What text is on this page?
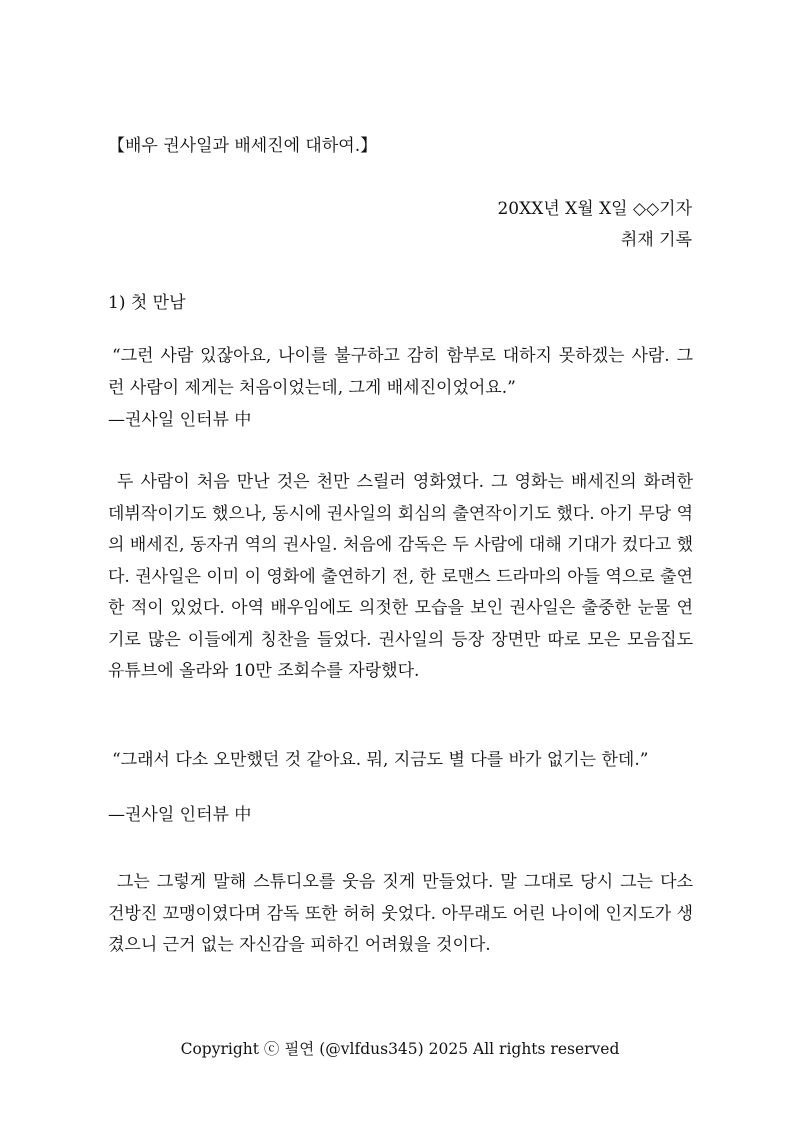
【배우 권사일과 배세진에 대하여.】
20XX년 X월 X일 ◇◇기자
취재 기록
1) 첫 만남
“그런 사람 있잖아요, 나이를 불구하고 감히 함부로 대하지 못하겠는 사람. 그런 사람이 제게는 처음이었는데, 그게 배세진이었어요.”
—권사일 인터뷰 中
두 사람이 처음 만난 것은 천만 스릴러 영화였다. 그 영화는 배세진의 화려한 데뷔작이기도 했으나, 동시에 권사일의 회심의 출연작이기도 했다. 아기 무당 역의 배세진, 동자귀 역의 권사일. 처음에 감독은 두 사람에 대해 기대가 컸다고 했다. 권사일은 이미 이 영화에 출연하기 전, 한 로맨스 드라마의 아들 역으로 출연한 적이 있었다. 아역 배우임에도 의젓한 모습을 보인 권사일은 출중한 눈물 연기로 많은 이들에게 칭찬을 들었다. 권사일의 등장 장면만 따로 모은 모음집도 유튜브에 올라와 10만 조회수를 자랑했다.
“그래서 다소 오만했던 것 같아요. 뭐, 지금도 별 다를 바가 없기는 한데.”
—권사일 인터뷰 中
그는 그렇게 말해 스튜디오를 웃음 짓게 만들었다. 말 그대로 당시 그는 다소 건방진 꼬맹이였다며 감독 또한 허허 웃었다. 아무래도 어린 나이에 인지도가 생겼으니 근거 없는 자신감을 피하긴 어려웠을 것이다.
Copyright ⓒ 필연 (@vlfdus345) 2025 All rights reserved
